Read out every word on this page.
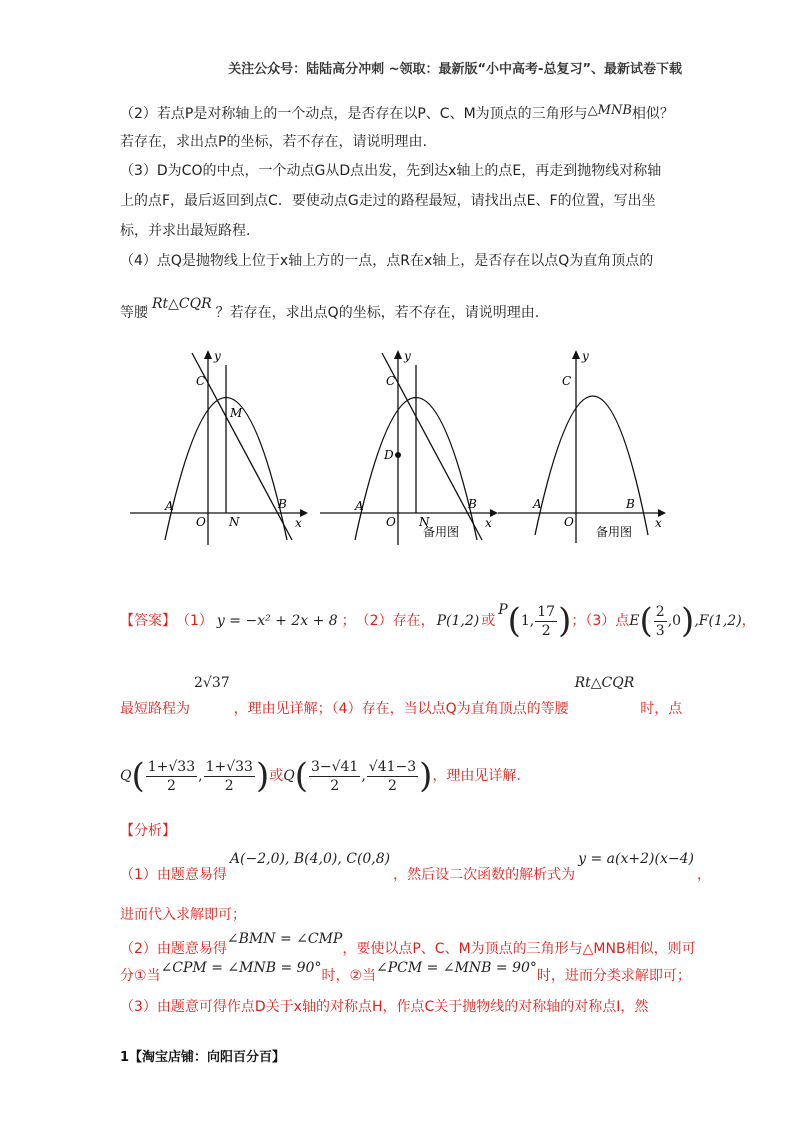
关注公众号：陆陆高分冲刺 ~领取：最新版“小中高考-总复习”、最新试卷下载
（2）若点P是对称轴上的一个动点，是否存在以P、C、M为顶点的三角形与△MNB相似？
若存在，求出点P的坐标，若不存在，请说明理由.
（3）D为CO的中点，一个动点G从D点出发，先到达x轴上的点E，再走到抛物线对称轴
上的点F，最后返回到点C．要使动点G走过的路程最短，请找出点E、F的位置，写出坐
标，并求出最短路程.
（4）点Q是抛物线上位于x轴上方的一点，点R在x轴上，是否存在以点Q为直角顶点的
等腰Rt△CQR？若存在，求出点Q的坐标，若不存在，请说明理由.
y
x
C
M
A
O N
B
y
x
C
D
A
O N
B
备用图
y
x
C
A
O
B
备用图
【答案】 （1） y = −x² + 2x + 8 ； （2）存在， P(1,2) 或
P ( 1, $\frac{17}{2}$ ) ；（3）点 E ( $\frac{2}{3} ,0$ ) ,F(1,2) ，
最短路程为
2√37
，理由见详解；（4）存在，当以点Q为直角顶点的等腰
Rt△CQR
时，点
Q ( $\frac{1+√33}{2}$ , $\frac{1+√33}{2}$ ) 或 Q ( $\frac{3-√41}{2}$ , $\frac{√41-3}{2}$ ) ，理由见详解.
【分析】
（1）由题意易得
A(−2,0), B(4,0), C(0,8)
，然后设二次函数的解析式为
y = a(x+2)(x−4)
，
进而代入求解即可；
（2）由题意易得
∠BMN = ∠CMP
，要使以点P、C、M为顶点的三角形与△MNB相似，则可
分①当 ∠CPM = ∠MNB = 90° 时，②当 ∠PCM = ∠MNB = 90° 时，进而分类求解即可；
（3）由题意可得作点D关于x轴的对称点H，作点C关于抛物线的对称轴的对称点I，然
1【淘宝店铺：向阳百分百】
